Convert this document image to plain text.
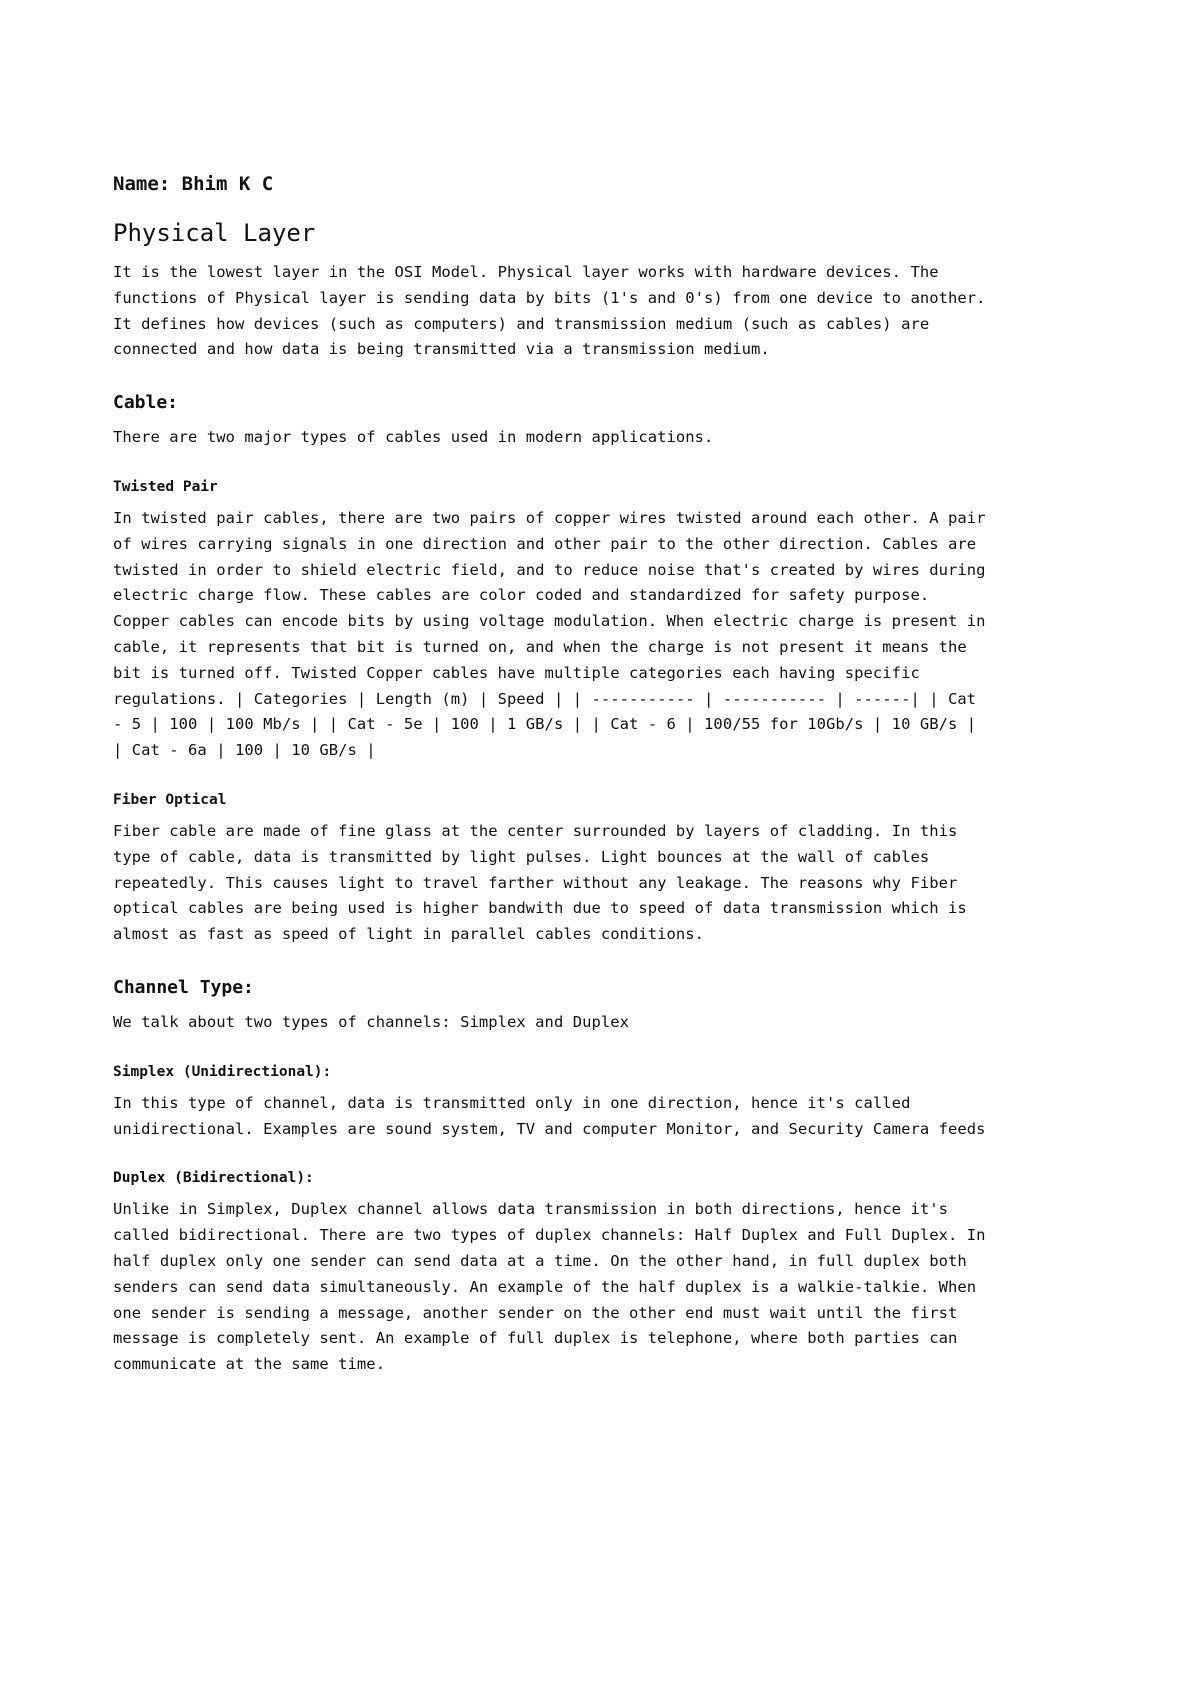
Name: Bhim K C
Physical Layer

It is the lowest layer in the OSI Model. Physical layer works with hardware devices. The functions of Physical layer is sending data by bits (1's and 0's) from one device to another. It defines how devices (such as computers) and transmission medium (such as cables) are connected and how data is being transmitted via a transmission medium.

Cable:

There are two major types of cables used in modern applications.

Twisted Pair

In twisted pair cables, there are two pairs of copper wires twisted around each other. A pair of wires carrying signals in one direction and other pair to the other direction. Cables are twisted in order to shield electric field, and to reduce noise that's created by wires during electric charge flow. These cables are color coded and standardized for safety purpose. Copper cables can encode bits by using voltage modulation. When electric charge is present in cable, it represents that bit is turned on, and when the charge is not present it means the bit is turned off. Twisted Copper cables have multiple categories each having specific regulations. | Categories | Length (m) | Speed | | ----------- | ----------- | ------| | Cat - 5 | 100 | 100 Mb/s | | Cat - 5e | 100 | 1 GB/s | | Cat - 6 | 100/55 for 10Gb/s | 10 GB/s | | Cat - 6a | 100 | 10 GB/s |

Fiber Optical

Fiber cable are made of fine glass at the center surrounded by layers of cladding. In this type of cable, data is transmitted by light pulses. Light bounces at the wall of cables repeatedly. This causes light to travel farther without any leakage. The reasons why Fiber optical cables are being used is higher bandwith due to speed of data transmission which is almost as fast as speed of light in parallel cables conditions.

Channel Type:

We talk about two types of channels: Simplex and Duplex

Simplex (Unidirectional):

In this type of channel, data is transmitted only in one direction, hence it's called unidirectional. Examples are sound system, TV and computer Monitor, and Security Camera feeds

Duplex (Bidirectional):

Unlike in Simplex, Duplex channel allows data transmission in both directions, hence it's called bidirectional. There are two types of duplex channels: Half Duplex and Full Duplex. In half duplex only one sender can send data at a time. On the other hand, in full duplex both senders can send data simultaneously. An example of the half duplex is a walkie-talkie. When one sender is sending a message, another sender on the other end must wait until the first message is completely sent. An example of full duplex is telephone, where both parties can communicate at the same time.
